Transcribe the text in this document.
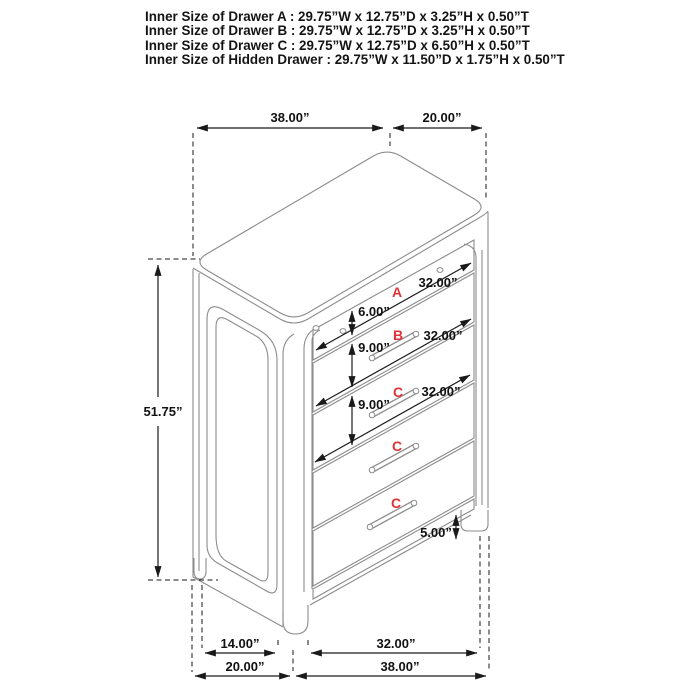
Inner Size of Drawer A : 29.75”W x 12.75”D x 3.25”H x 0.50”T
Inner Size of Drawer B : 29.75”W x 12.75”D x 3.25”H x 0.50”T
Inner Size of Drawer C : 29.75”W x 12.75”D x 6.50”H x 0.50”T
Inner Size of Hidden Drawer : 29.75”W x 11.50”D x 1.75”H x 0.50”T
38.00”	20.00”
51.75”
6.00”
9.00”
9.00”
32.00”
32.00”
32.00”
5.00”
14.00”	32.00”
20.00”	38.00”
A
B
C
C
C
